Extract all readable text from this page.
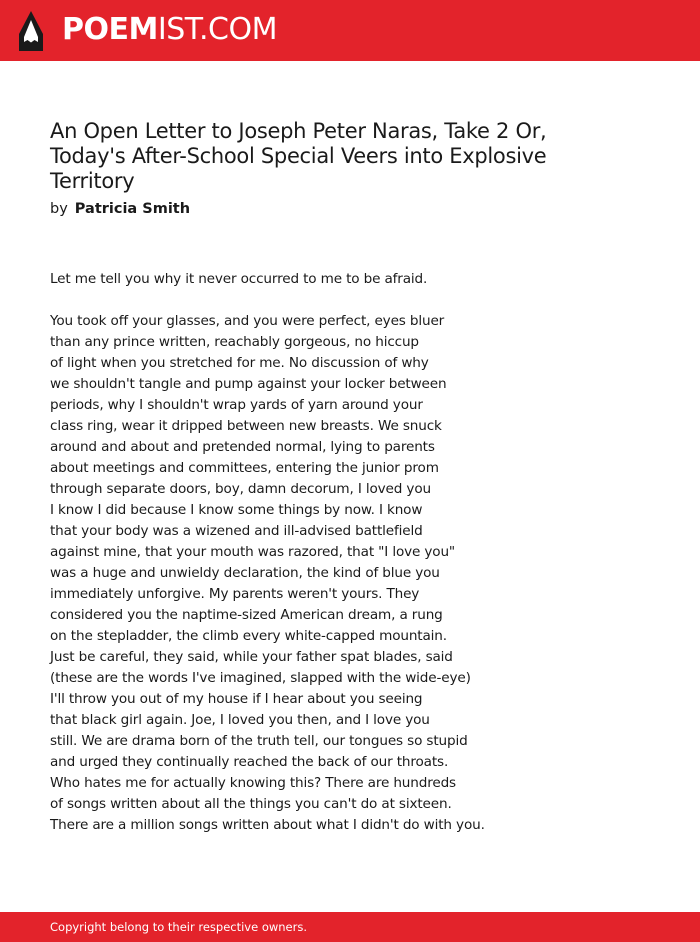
POEMIST.COM
An Open Letter to Joseph Peter Naras, Take 2 Or,
Today's After-School Special Veers into Explosive
Territory
by Patricia Smith
Let me tell you why it never occurred to me to be afraid.
You took off your glasses, and you were perfect, eyes bluer
than any prince written, reachably gorgeous, no hiccup
of light when you stretched for me. No discussion of why
we shouldn't tangle and pump against your locker between
periods, why I shouldn't wrap yards of yarn around your
class ring, wear it dripped between new breasts. We snuck
around and about and pretended normal, lying to parents
about meetings and committees, entering the junior prom
through separate doors, boy, damn decorum, I loved you
I know I did because I know some things by now. I know
that your body was a wizened and ill-advised battlefield
against mine, that your mouth was razored, that "I love you"
was a huge and unwieldy declaration, the kind of blue you
immediately unforgive. My parents weren't yours. They
considered you the naptime-sized American dream, a rung
on the stepladder, the climb every white-capped mountain.
Just be careful, they said, while your father spat blades, said
(these are the words I've imagined, slapped with the wide-eye)
I'll throw you out of my house if I hear about you seeing
that black girl again. Joe, I loved you then, and I love you
still. We are drama born of the truth tell, our tongues so stupid
and urged they continually reached the back of our throats.
Who hates me for actually knowing this? There are hundreds
of songs written about all the things you can't do at sixteen.
There are a million songs written about what I didn't do with you.
Copyright belong to their respective owners.
